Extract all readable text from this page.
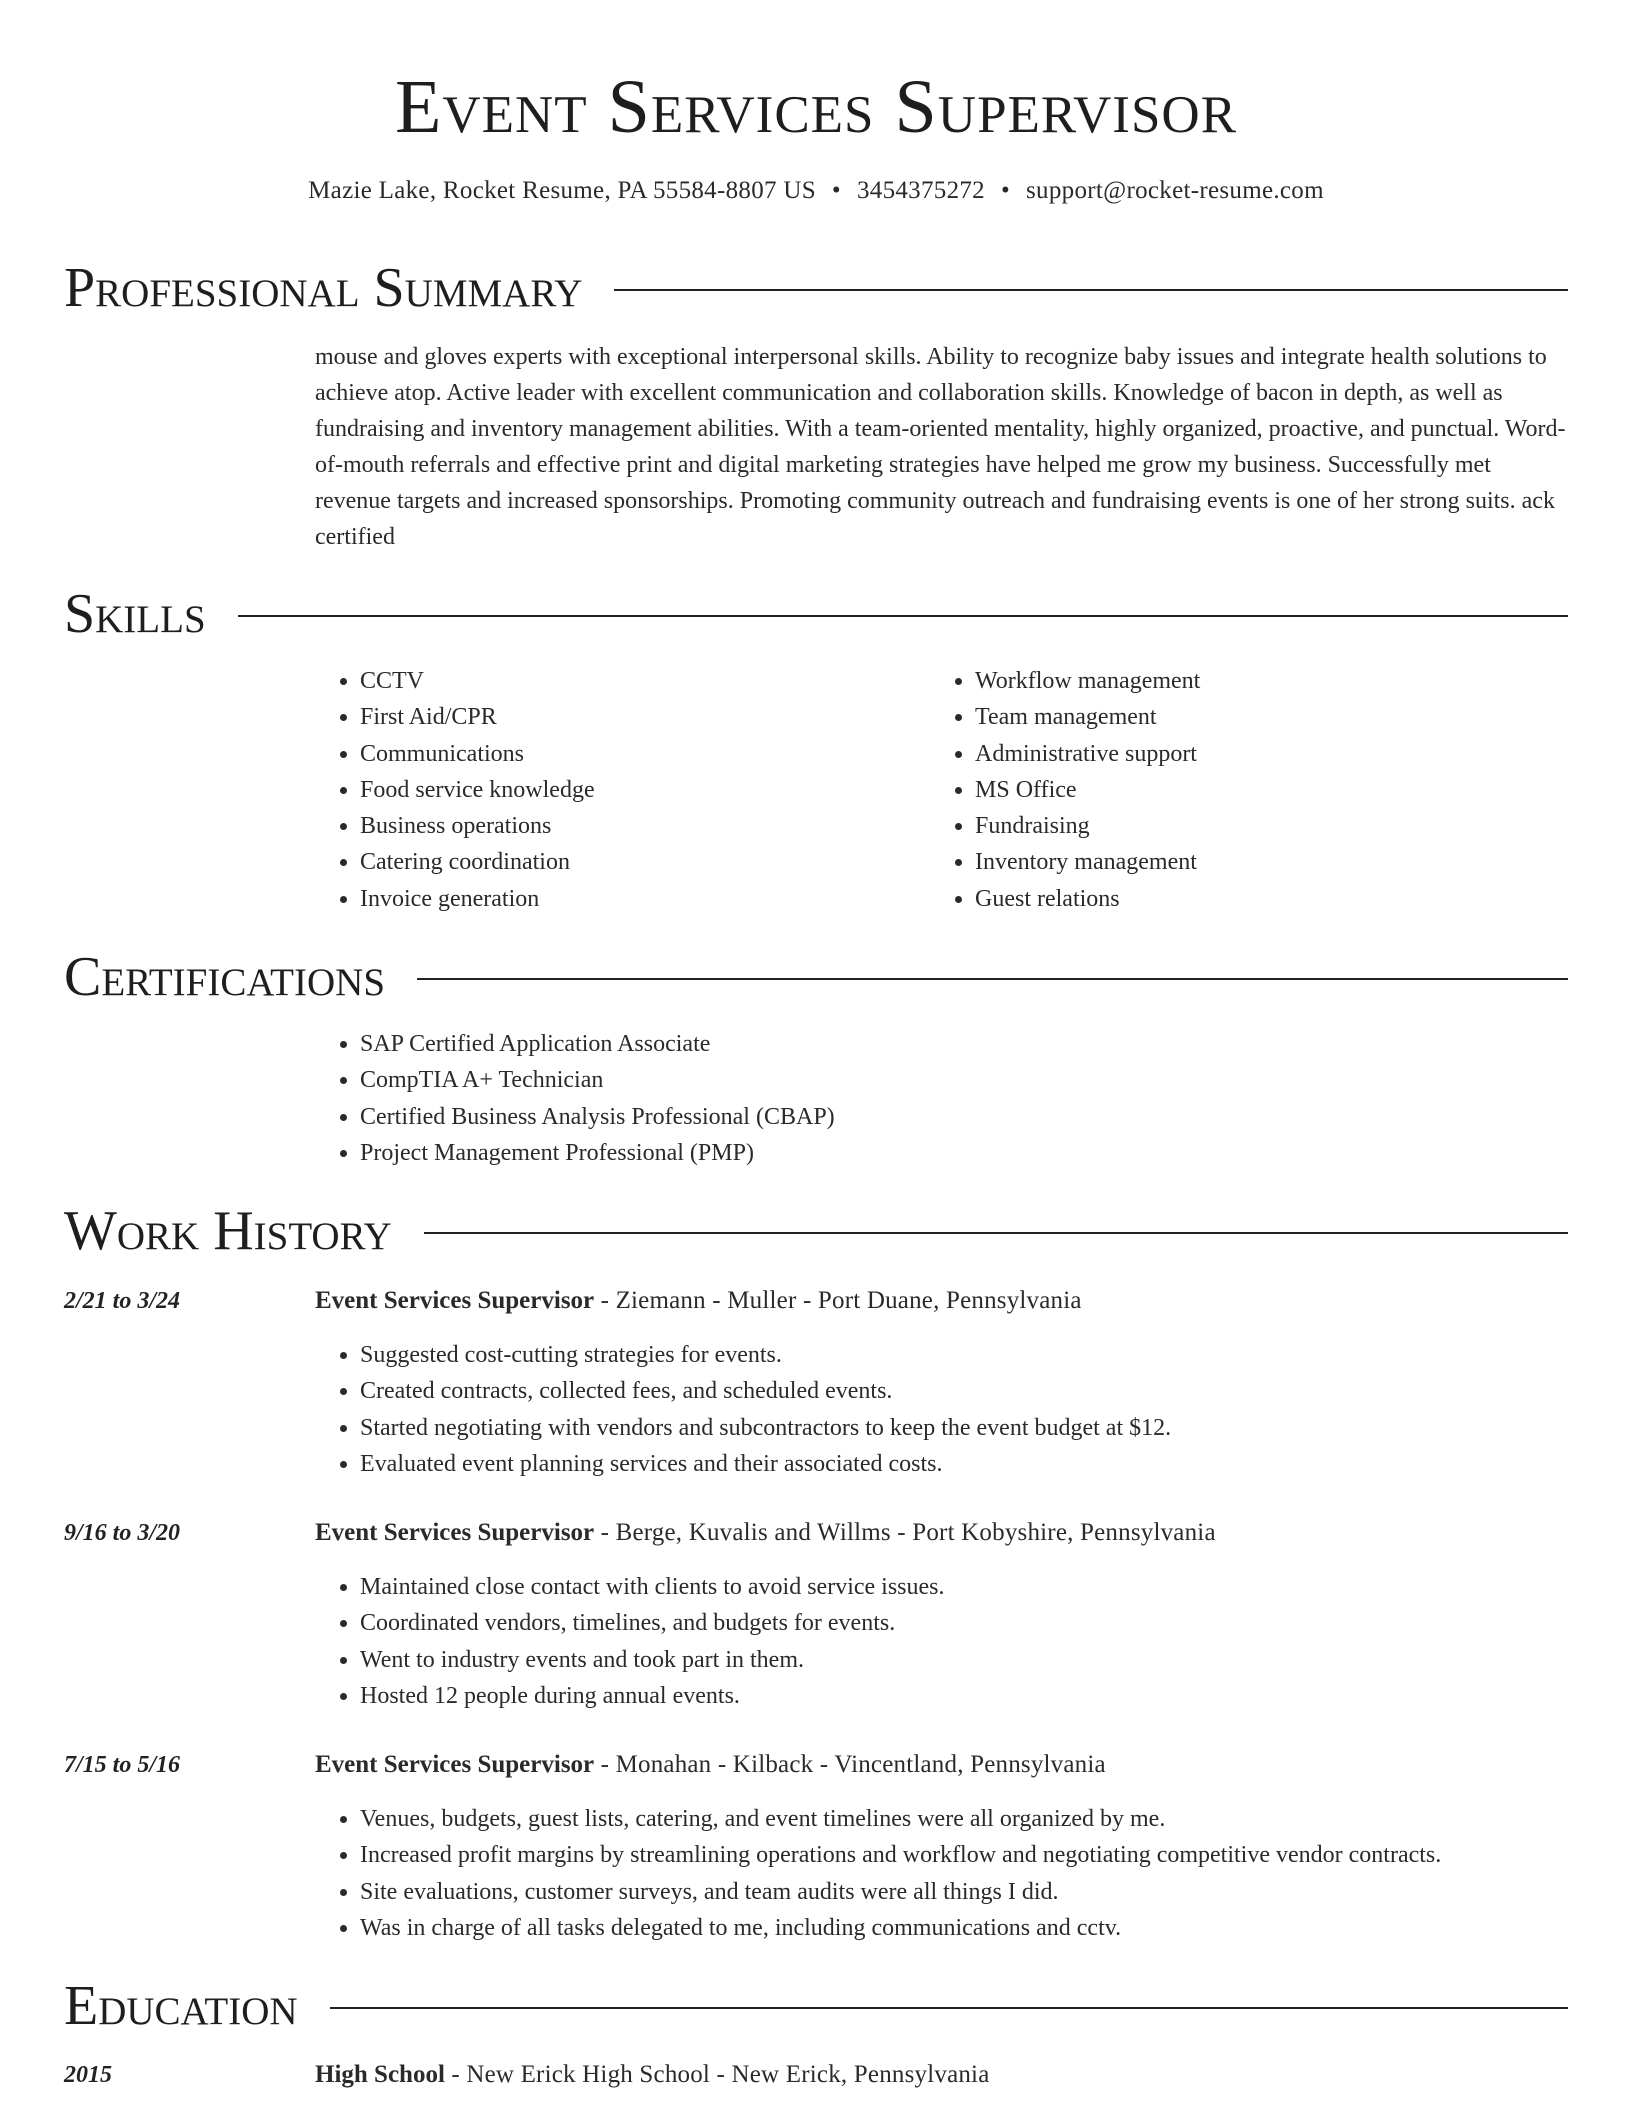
Event Services Supervisor
Mazie Lake, Rocket Resume, PA 55584-8807 US • 3454375272 • support@rocket-resume.com
Professional Summary

mouse and gloves experts with exceptional interpersonal skills. Ability to recognize baby issues and integrate health solutions to achieve atop. Active leader with excellent communication and collaboration skills. Knowledge of bacon in depth, as well as fundraising and inventory management abilities. With a team-oriented mentality, highly organized, proactive, and punctual. Word-of-mouth referrals and effective print and digital marketing strategies have helped me grow my business. Successfully met revenue targets and increased sponsorships. Promoting community outreach and fundraising events is one of her strong suits. ack certified

Skills
• CCTV
• First Aid/CPR
• Communications
• Food service knowledge
• Business operations
• Catering coordination
• Invoice generation
• Workflow management
• Team management
• Administrative support
• MS Office
• Fundraising
• Inventory management
• Guest relations
Certifications
• SAP Certified Application Associate
• CompTIA A+ Technician
• Certified Business Analysis Professional (CBAP)
• Project Management Professional (PMP)
Work History
2/21 to 3/24	Event Services Supervisor - Ziemann - Muller - Port Duane, Pennsylvania
• Suggested cost-cutting strategies for events.
• Created contracts, collected fees, and scheduled events.
• Started negotiating with vendors and subcontractors to keep the event budget at $12.
• Evaluated event planning services and their associated costs.
9/16 to 3/20	Event Services Supervisor - Berge, Kuvalis and Willms - Port Kobyshire, Pennsylvania
• Maintained close contact with clients to avoid service issues.
• Coordinated vendors, timelines, and budgets for events.
• Went to industry events and took part in them.
• Hosted 12 people during annual events.
7/15 to 5/16	Event Services Supervisor - Monahan - Kilback - Vincentland, Pennsylvania
• Venues, budgets, guest lists, catering, and event timelines were all organized by me.
• Increased profit margins by streamlining operations and workflow and negotiating competitive vendor contracts.
• Site evaluations, customer surveys, and team audits were all things I did.
• Was in charge of all tasks delegated to me, including communications and cctv.
Education
2015	High School - New Erick High School - New Erick, Pennsylvania
